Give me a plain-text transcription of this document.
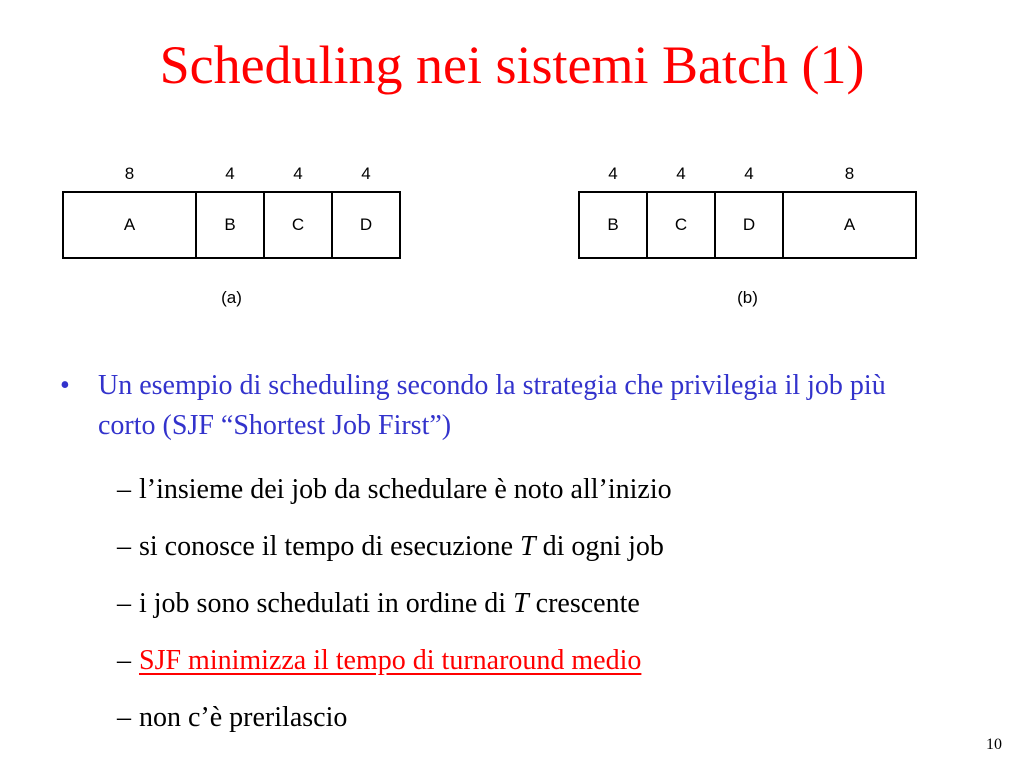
Scheduling nei sistemi Batch (1)
8	4	4	4
A	B	C	D
(a)
4	4	4	8
B	C	D	A
(b)
• Un esempio di scheduling secondo la strategia che privilegia il job più corto (SJF “Shortest Job First”)
– l’insieme dei job da schedulare è noto all’inizio
– si conosce il tempo di esecuzione T di ogni job
– i job sono schedulati in ordine di T crescente
– SJF minimizza il tempo di turnaround medio
– non c’è prerilascio
10
